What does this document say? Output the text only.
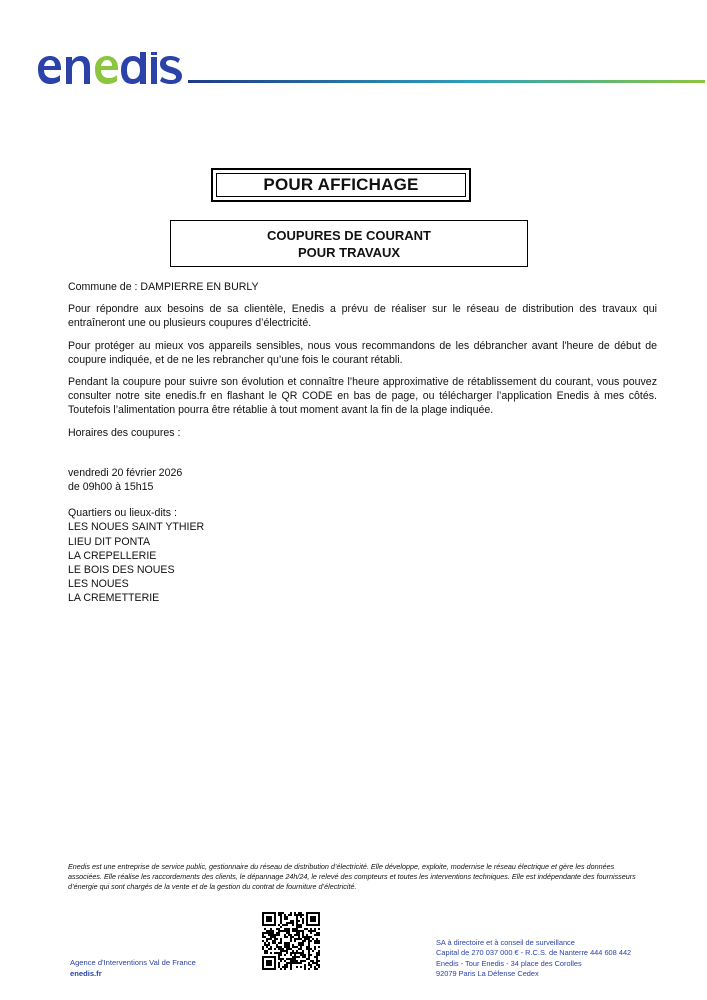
POUR AFFICHAGE
COUPURES DE COURANT
POUR TRAVAUX
Commune de : DAMPIERRE EN BURLY

Pour répondre aux besoins de sa clientèle, Enedis a prévu de réaliser sur le réseau de distribution des travaux qui entraîneront une ou plusieurs coupures d’électricité.

Pour protéger au mieux vos appareils sensibles, nous vous recommandons de les débrancher avant l'heure de début de coupure indiquée, et de ne les rebrancher qu’une fois le courant rétabli.

Pendant la coupure pour suivre son évolution et connaître l’heure approximative de rétablissement du courant, vous pouvez consulter notre site enedis.fr en flashant le QR CODE en bas de page, ou télécharger l’application Enedis à mes côtés. Toutefois l’alimentation pourra être rétablie à tout moment avant la fin de la plage indiquée.

Horaires des coupures :
vendredi 20 février 2026
de 09h00 à 15h15
Quartiers ou lieux-dits :
LES NOUES SAINT YTHIER
LIEU DIT PONTA
LA CREPELLERIE
LE BOIS DES NOUES
LES NOUES
LA CREMETTERIE
Enedis est une entreprise de service public, gestionnaire du réseau de distribution d’électricité. Elle développe, exploite, modernise le réseau électrique et gère les données associées. Elle réalise les raccordements des clients, le dépannage 24h/24, le relevé des compteurs et toutes les interventions techniques. Elle est indépendante des fournisseurs d’énergie qui sont chargés de la vente et de la gestion du contrat de fourniture d’électricité.
Agence d'Interventions Val de France
enedis.fr
SA à directoire et à conseil de surveillance
Capital de 270 037 000 € - R.C.S. de Nanterre 444 608 442
Enedis - Tour Enedis - 34 place des Corolles
92079 Paris La Défense Cedex
